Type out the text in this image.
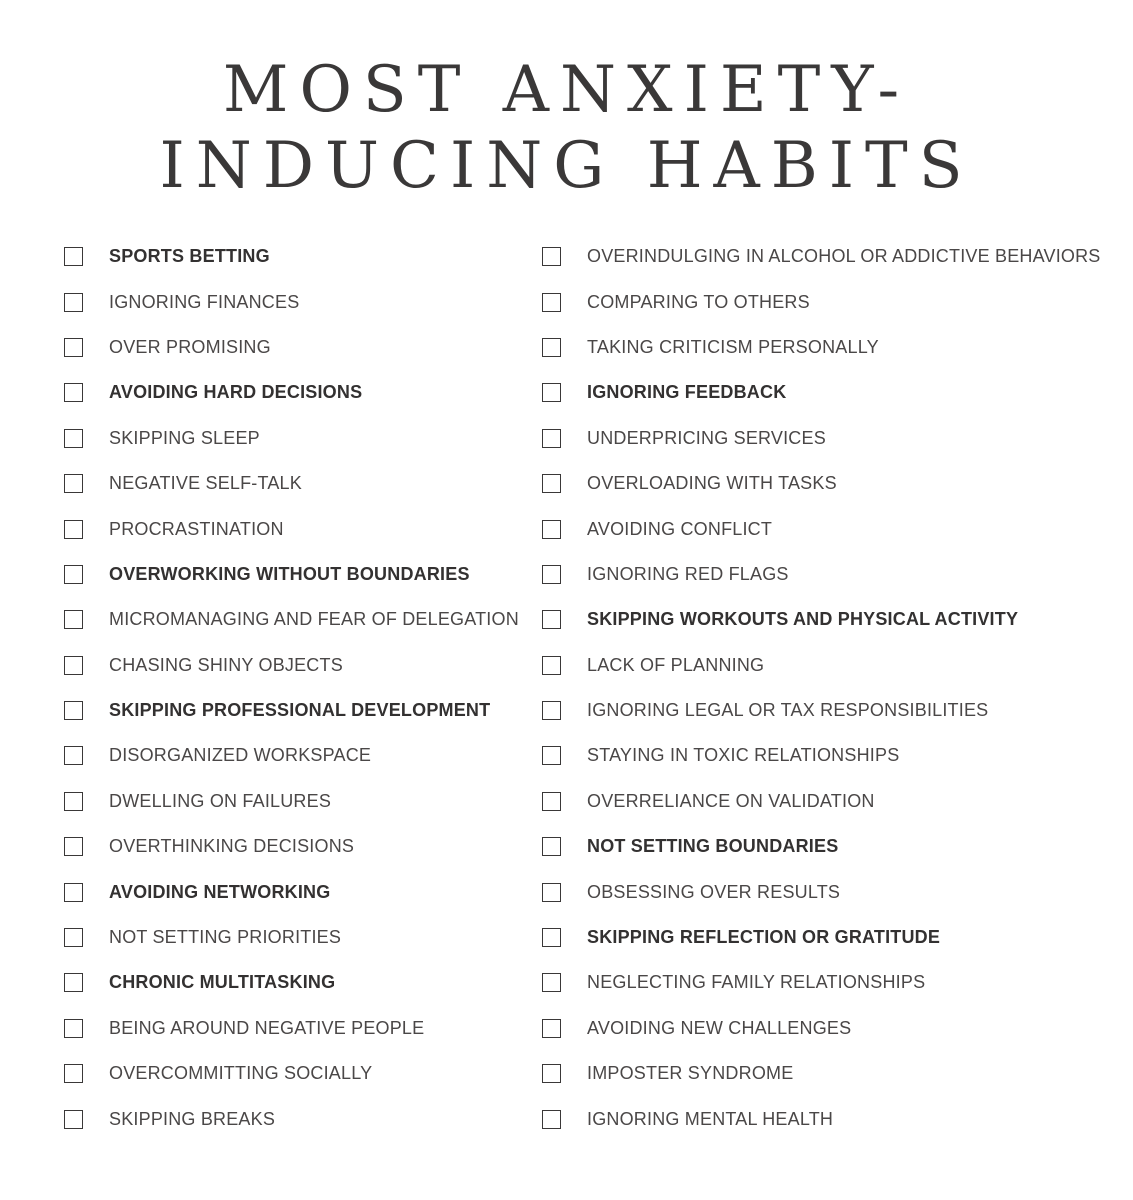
MOST ANXIETY-
INDUCING HABITS
SPORTS BETTING
IGNORING FINANCES
OVER PROMISING
AVOIDING HARD DECISIONS
SKIPPING SLEEP
NEGATIVE SELF-TALK
PROCRASTINATION
OVERWORKING WITHOUT BOUNDARIES
MICROMANAGING AND FEAR OF DELEGATION
CHASING SHINY OBJECTS
SKIPPING PROFESSIONAL DEVELOPMENT
DISORGANIZED WORKSPACE
DWELLING ON FAILURES
OVERTHINKING DECISIONS
AVOIDING NETWORKING
NOT SETTING PRIORITIES
CHRONIC MULTITASKING
BEING AROUND NEGATIVE PEOPLE
OVERCOMMITTING SOCIALLY
SKIPPING BREAKS
OVERINDULGING IN ALCOHOL OR ADDICTIVE BEHAVIORS
COMPARING TO OTHERS
TAKING CRITICISM PERSONALLY
IGNORING FEEDBACK
UNDERPRICING SERVICES
OVERLOADING WITH TASKS
AVOIDING CONFLICT
IGNORING RED FLAGS
SKIPPING WORKOUTS AND PHYSICAL ACTIVITY
LACK OF PLANNING
IGNORING LEGAL OR TAX RESPONSIBILITIES
STAYING IN TOXIC RELATIONSHIPS
OVERRELIANCE ON VALIDATION
NOT SETTING BOUNDARIES
OBSESSING OVER RESULTS
SKIPPING REFLECTION OR GRATITUDE
NEGLECTING FAMILY RELATIONSHIPS
AVOIDING NEW CHALLENGES
IMPOSTER SYNDROME
IGNORING MENTAL HEALTH
